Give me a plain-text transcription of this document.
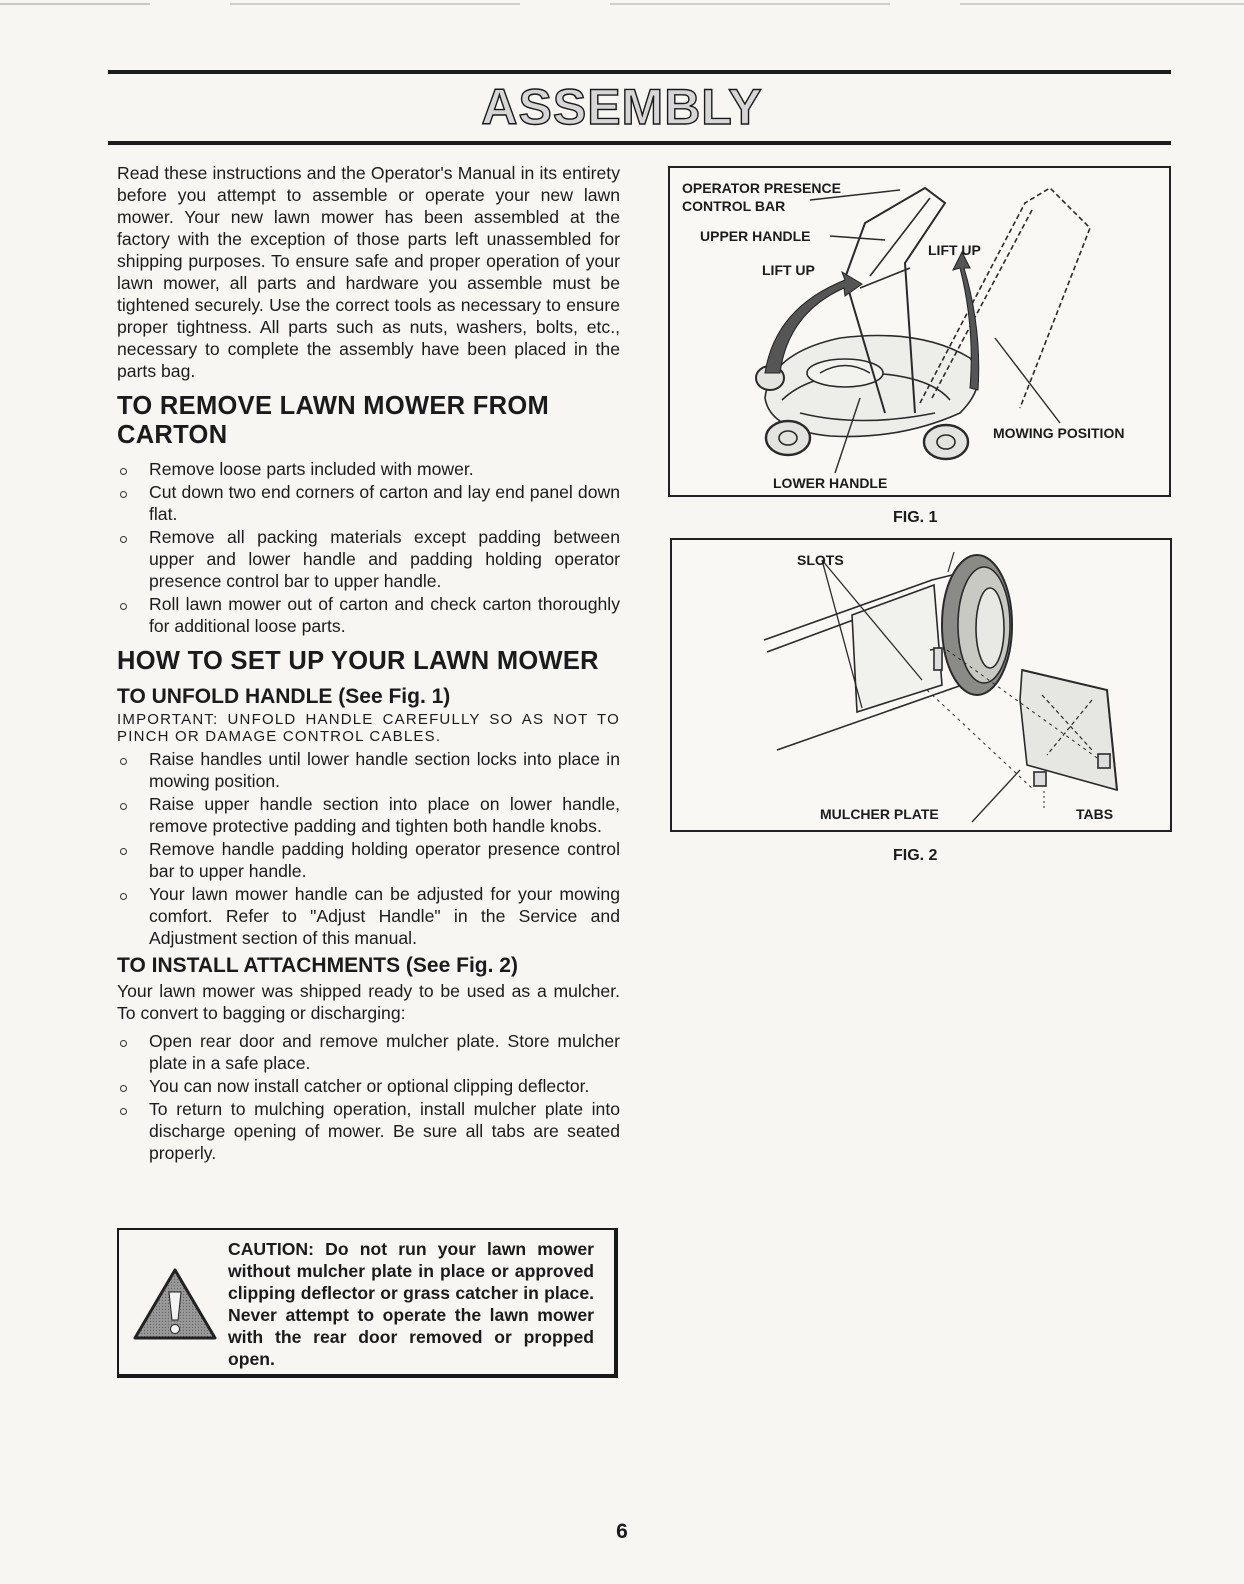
ASSEMBLY

Read these instructions and the Operator's Manual in its entirety before you attempt to assemble or operate your new lawn mower. Your new lawn mower has been assembled at the factory with the exception of those parts left unassembled for shipping purposes. To ensure safe and proper operation of your lawn mower, all parts and hardware you assemble must be tightened securely. Use the correct tools as necessary to ensure proper tightness. All parts such as nuts, washers, bolts, etc., necessary to complete the assembly have been placed in the parts bag.

TO REMOVE LAWN MOWER FROM CARTON
Remove loose parts included with mower.
Cut down two end corners of carton and lay end panel down flat.
Remove all packing materials except padding between upper and lower handle and padding holding operator presence control bar to upper handle.
Roll lawn mower out of carton and check carton thoroughly for additional loose parts.
HOW TO SET UP YOUR LAWN MOWER
TO UNFOLD HANDLE (See Fig. 1)

IMPORTANT: UNFOLD HANDLE CAREFULLY SO AS NOT TO PINCH OR DAMAGE CONTROL CABLES.

Raise handles until lower handle section locks into place in mowing position.
Raise upper handle section into place on lower handle, remove protective padding and tighten both handle knobs.
Remove handle padding holding operator presence control bar to upper handle.
Your lawn mower handle can be adjusted for your mowing comfort. Refer to "Adjust Handle" in the Service and Adjustment section of this manual.
TO INSTALL ATTACHMENTS (See Fig. 2)

Your lawn mower was shipped ready to be used as a mulcher. To convert to bagging or discharging:

Open rear door and remove mulcher plate. Store mulcher plate in a safe place.
You can now install catcher or optional clipping deflector.
To return to mulching operation, install mulcher plate into discharge opening of mower. Be sure all tabs are seated properly.
CAUTION: Do not run your lawn mower without mulcher plate in place or approved clipping deflector or grass catcher in place. Never attempt to operate the lawn mower with the rear door removed or propped open.
OPERATOR PRESENCE
CONTROL BAR
UPPER HANDLE
LIFT UP
LIFT UP
MOWING POSITION
LOWER HANDLE
FIG. 1
SLOTS
MULCHER PLATE	TABS
FIG. 2
6
